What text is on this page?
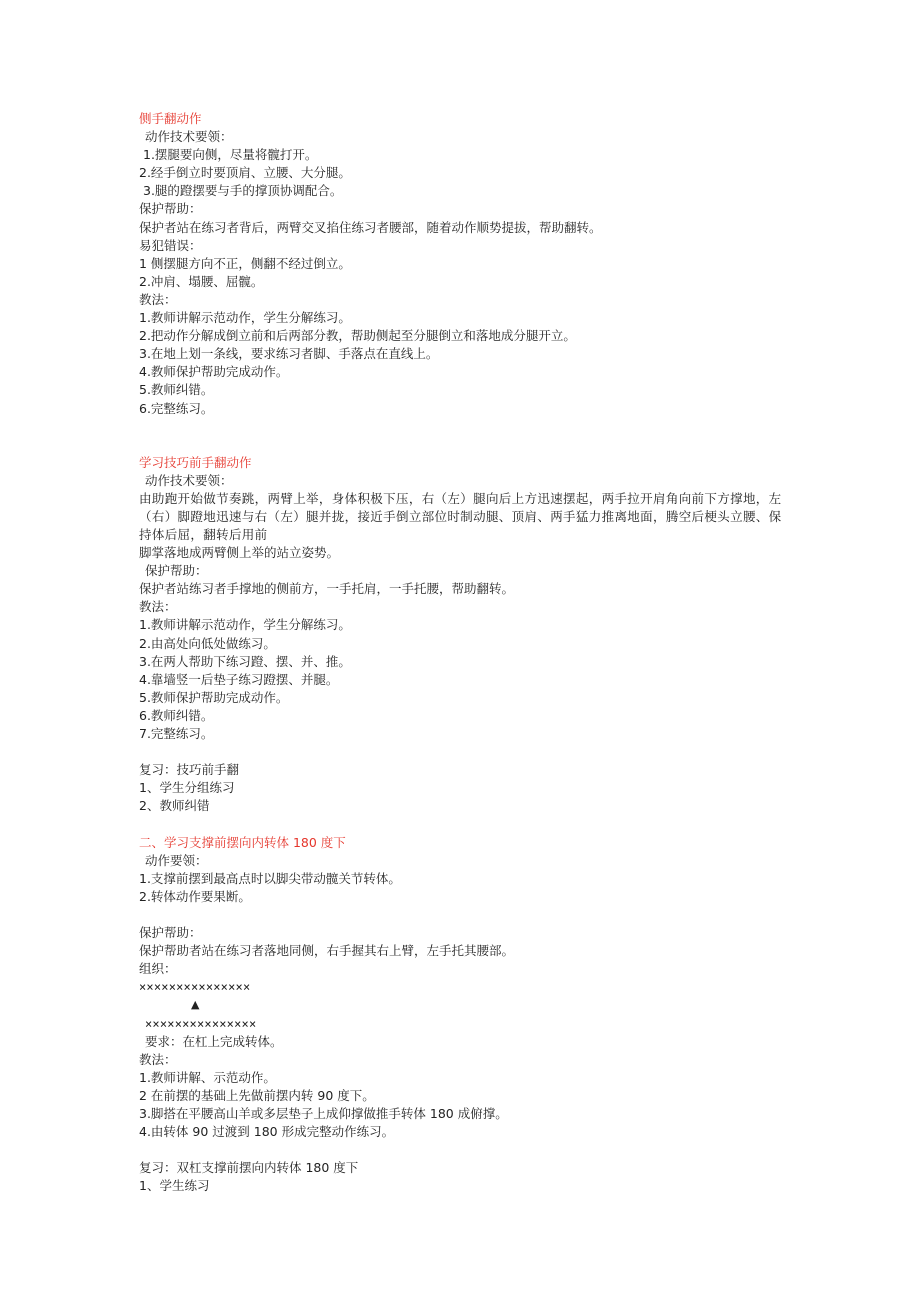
侧手翻动作
动作技术要领：
1.摆腿要向侧，尽量将髋打开。
2.经手倒立时要顶肩、立腰、大分腿。
3.腿的蹬摆要与手的撑顶协调配合。
保护帮助：
保护者站在练习者背后，两臂交叉掐住练习者腰部，随着动作顺势提拔，帮助翻转。
易犯错误：
1 侧摆腿方向不正，侧翻不经过倒立。
2.冲肩、塌腰、屈髋。
教法：
1.教师讲解示范动作，学生分解练习。
2.把动作分解成倒立前和后两部分教，帮助侧起至分腿倒立和落地成分腿开立。
3.在地上划一条线，要求练习者脚、手落点在直线上。
4.教师保护帮助完成动作。
5.教师纠错。
6.完整练习。
学习技巧前手翻动作
动作技术要领：
由助跑开始做节奏跳，两臂上举，身体积极下压，右（左）腿向后上方迅速摆起，两手拉开肩角向前下方撑地，左（右）脚蹬地迅速与右（左）腿并拢，接近手倒立部位时制动腿、顶肩、两手猛力推离地面，腾空后梗头立腰、保持体后屈，翻转后用前
脚掌落地成两臂侧上举的站立姿势。
保护帮助：
保护者站练习者手撑地的侧前方，一手托肩，一手托腰，帮助翻转。
教法：
1.教师讲解示范动作，学生分解练习。
2.由高处向低处做练习。
3.在两人帮助下练习蹬、摆、并、推。
4.靠墙竖一后垫子练习蹬摆、并腿。
5.教师保护帮助完成动作。
6.教师纠错。
7.完整练习。
复习：技巧前手翻
1、学生分组练习
2、教师纠错
二、学习支撑前摆向内转体 180 度下
动作要领：
1.支撑前摆到最高点时以脚尖带动髋关节转体。
2.转体动作要果断。
保护帮助：
保护帮助者站在练习者落地同侧，右手握其右上臂，左手托其腰部。
组织：
×××××××××××××××
▲
×××××××××××××××
要求：在杠上完成转体。
教法：
1.教师讲解、示范动作。
2 在前摆的基础上先做前摆内转 90 度下。
3.脚搭在平腰高山羊或多层垫子上成仰撑做推手转体 180 成俯撑。
4.由转体 90 过渡到 180 形成完整动作练习。
复习：双杠支撑前摆向内转体 180 度下
1、学生练习
